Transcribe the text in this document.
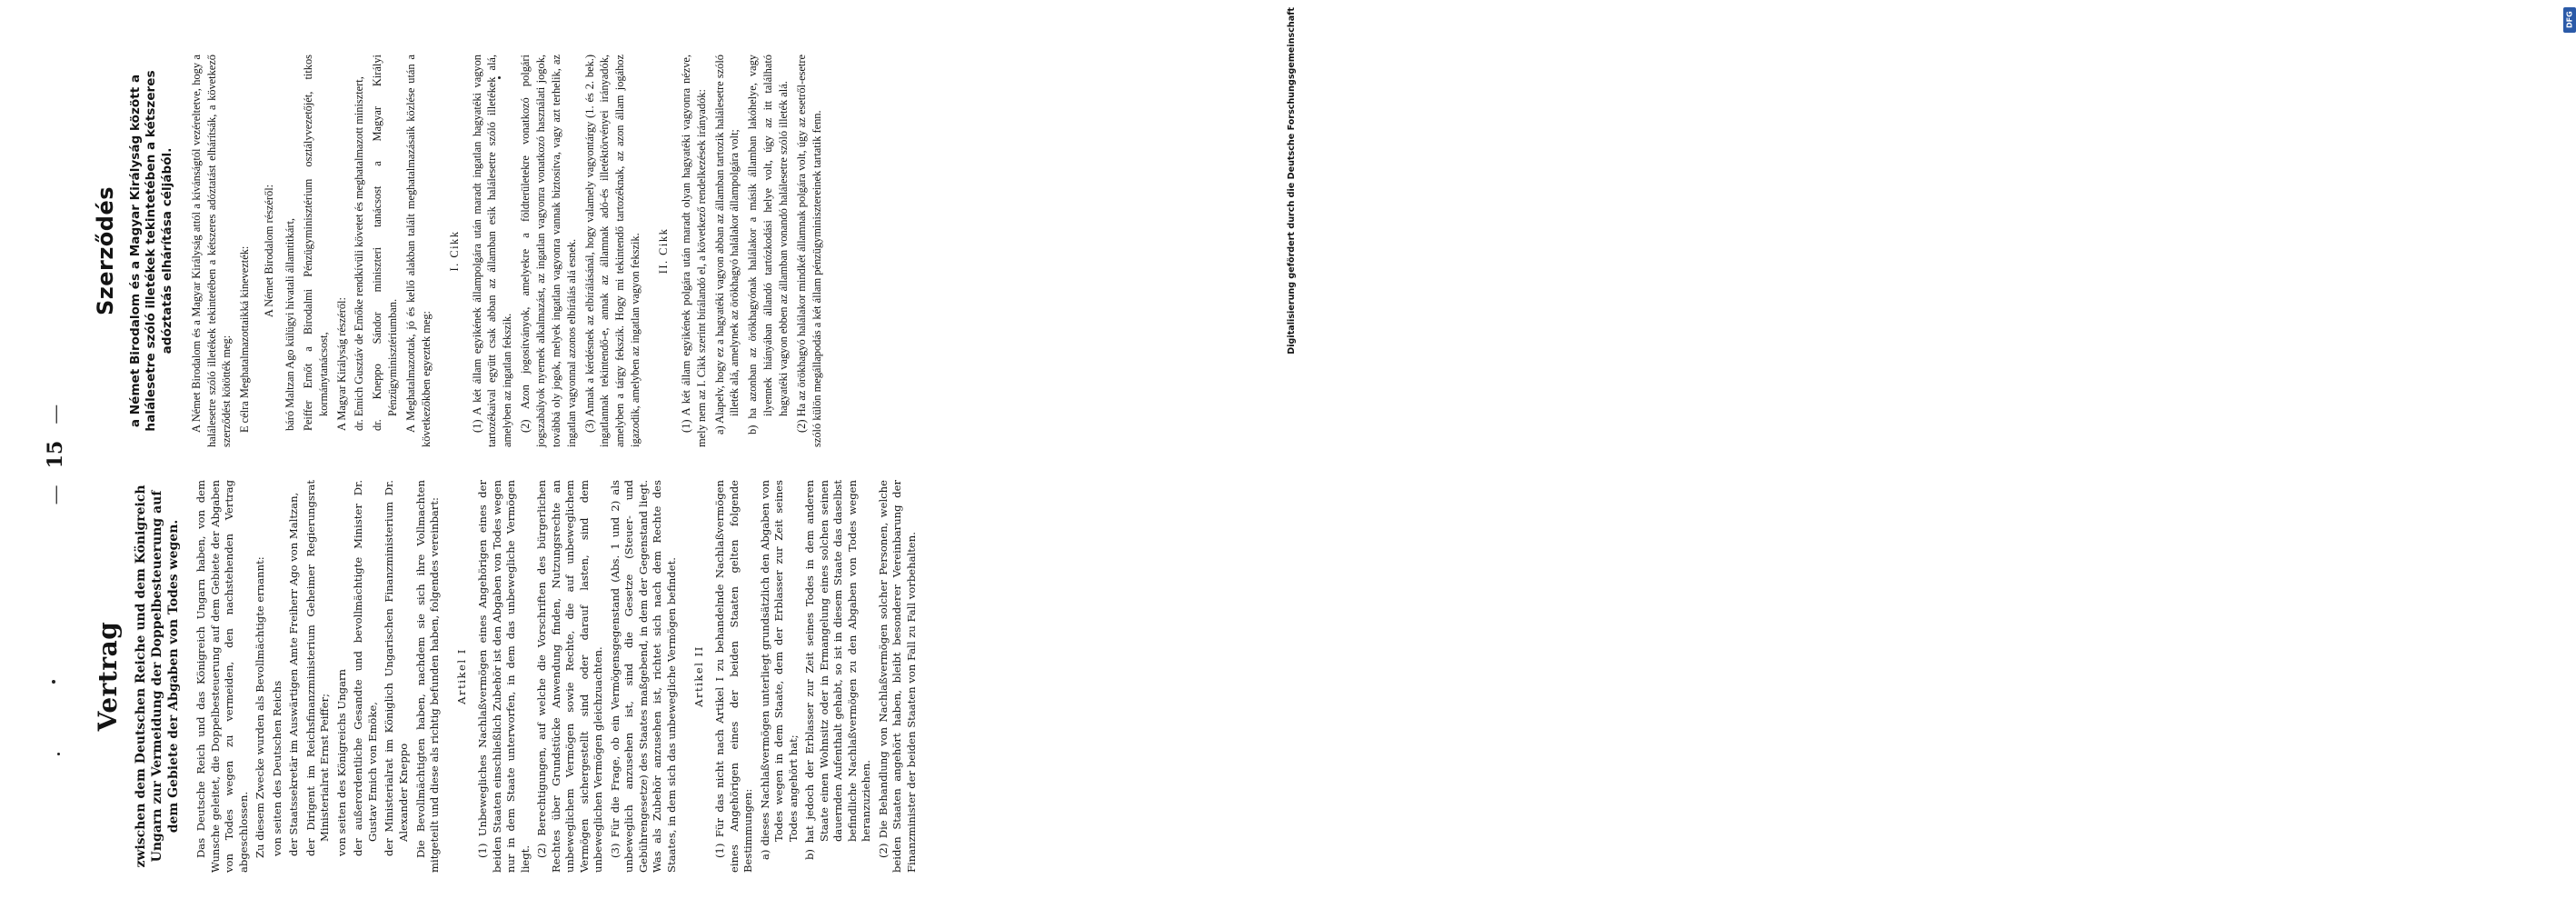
—15—
Vertrag zwischen dem Deutschen Reiche und dem Königreich Ungarn zur Vermeidung der Doppelbesteuerung auf dem Gebiete der Abgaben von Todes wegen. Das Deutsche Reich und das Königreich Ungarn haben, von dem Wunsche geleitet, die Doppelbesteuerung auf dem Gebiete der Abgaben von Todes wegen zu vermeiden, den nachstehenden Vertrag abgeschlossen. Zu diesem Zwecke wurden als Bevollmächtigte ernannt: von seiten des Deutschen Reichs der Staatssekretär im Auswärtigen Amte Freiherr Ago von Maltzan, der Dirigent im Reichsfinanzministerium Geheimer Regierungsrat Ministerialrat Ernst Peiffer; von seiten des Königreichs Ungarn der außerordentliche Gesandte und bevollmächtigte Minister Dr. Gustav Emich von Emöke, der Ministerialrat im Königlich Ungarischen Finanzministerium Dr. Alexander Kneppo Die Bevollmächtigten haben, nachdem sie sich ihre Vollmachten mitgeteilt und diese als richtig befunden haben, folgendes vereinbart: Artikel I (1) Unbewegliches Nachlaßvermögen eines Angehörigen eines der beiden Staaten einschließlich Zubehör ist den Abgaben von Todes wegen nur in dem Staate unterworfen, in dem das unbewegliche Vermögen liegt.

(2) Berechtigungen, auf welche die Vorschriften des bürgerlichen Rechtes über Grundstücke Anwendung finden, Nutzungsrechte an unbeweglichem Vermögen sowie Rechte, die auf unbeweglichem Vermögen sichergestellt sind oder darauf lasten, sind dem unbeweglichen Vermögen gleichzuachten. (3) Für die Frage, ob ein Vermögensgegenstand (Abs. 1 und 2) als unbeweglich anzusehen ist, sind die Gesetze (Steuer- und Gebührengesetze) des Staates maßgebend, in dem der Gegenstand liegt. Was als Zubehör anzusehen ist, richtet sich nach dem Rechte des Staates, in dem sich das unbewegliche Vermögen befindet. Artikel II (1) Für das nicht nach Artikel I zu behandelnde Nachlaßvermögen eines Angehörigen eines der beiden Staaten gelten folgende Bestimmungen: a) dieses Nachlaßvermögen unterliegt grundsätzlich den Abgaben von Todes wegen in dem Staate, dem der Erblasser zur Zeit seines Todes angehört hat; b) hat jedoch der Erblasser zur Zeit seines Todes in dem anderen Staate einen Wohnsitz oder in Ermangelung eines solchen seinen dauernden Aufenthalt gehabt, so ist in diesem Staate das daselbst befindliche Nachlaßvermögen zu den Abgaben von Todes wegen heranzuziehen. (2) Die Behandlung von Nachlaßvermögen solcher Personen, welche beiden Staaten angehört haben, bleibt besonderer Vereinbarung der Finanzminister der beiden Staaten von Fall zu Fall vorbehalten.

Szerződés a Német Birodalom és a Magyar Királyság között a halálesetre szóló illetékek tekintetében a kétszeres adóztatás elhárítása céljából. A Német Birodalom és a Magyar Királyság attól a kívánságtól vezéreltetve, hogy a halálesetre szóló illetékek tekintetében a kétszeres adóztatást elhárítsák, a következő szerződést kötötték meg: E célra Meghatalmazottaikká kinevezték: A Német Birodalom részéről: báró Maltzan Ago külügyi hivatali államtitkárt, Peiffer Ernőt a Birodalmi Pénzügyminisztérium osztályvezetőjét, titkos kormánytanácsost, A Magyar Királyság részéről: dr. Emich Gusztáv de Emőke rendkívüli követet és meghatalmazott minisztert, dr. Kneppo Sándor miniszteri tanácsost a Magyar Királyi Pénzügyminisztériumban. A Meghatalmazottak, jó és kellő alakban talált meghatalmazásaik közlése után a következőkben egyeztek meg:

I. Cikk (1) A két állam egyikének állampolgára után maradt ingatlan hagyatéki vagyon tartozékaival együtt csak abban az államban esik halálesetre szóló illetékek alá, amelyben az ingatlan fekszik. (2) Azon jogosítványok, amelyekre a földterületekre vonatkozó polgári jogszabályok nyernek alkalmazást, az ingatlan vagyonra vonatkozó használati jogok, továbbá oly jogok, melyek ingatlan vagyonra vannak biztosítva, vagy azt terhelik, az ingatlan vagyonnal azonos elbírálás alá esnek. (3) Annak a kérdésnek az elbírálásánál, hogy valamely vagyontárgy (1. és 2. bek.) ingatlannak tekintendő-e, annak az államnak adó-és illetéktörvényei irányadók, amelyben a tárgy fekszik. Hogy mi tekintendő tartozéknak, az azon állam jogához igazodik, amelyben az ingatlan vagyon fekszik. II. Cikk (1) A két állam egyikének polgára után maradt olyan hagyatéki vagyonra nézve, mely nem az I. Cikk szerint bírálandó el, a következő rendelkezések irányadók: a) Alapelv, hogy ez a hagyatéki vagyon abban az államban tartozik halálesetre szóló illeték alá, amelynek az örökhagyó halálakor állampolgára volt; b) ha azonban az örökhagyónak halálakor a másik államban lakóhelye, vagy ilyennek hiányában állandó tartózkodási helye volt, úgy az itt található hagyatéki vagyon ebben az államban vonandó halálesetre szóló illeték alá. (2) Ha az örökhagyó halálakor mindkét államnak polgára volt, úgy az esetről-esetre szóló külön megállapodás a két állam pénzügyminisztereinek tartatik fenn.

DFG
Digitalisierung gefördert durch die Deutsche Forschungsgemeinschaft
